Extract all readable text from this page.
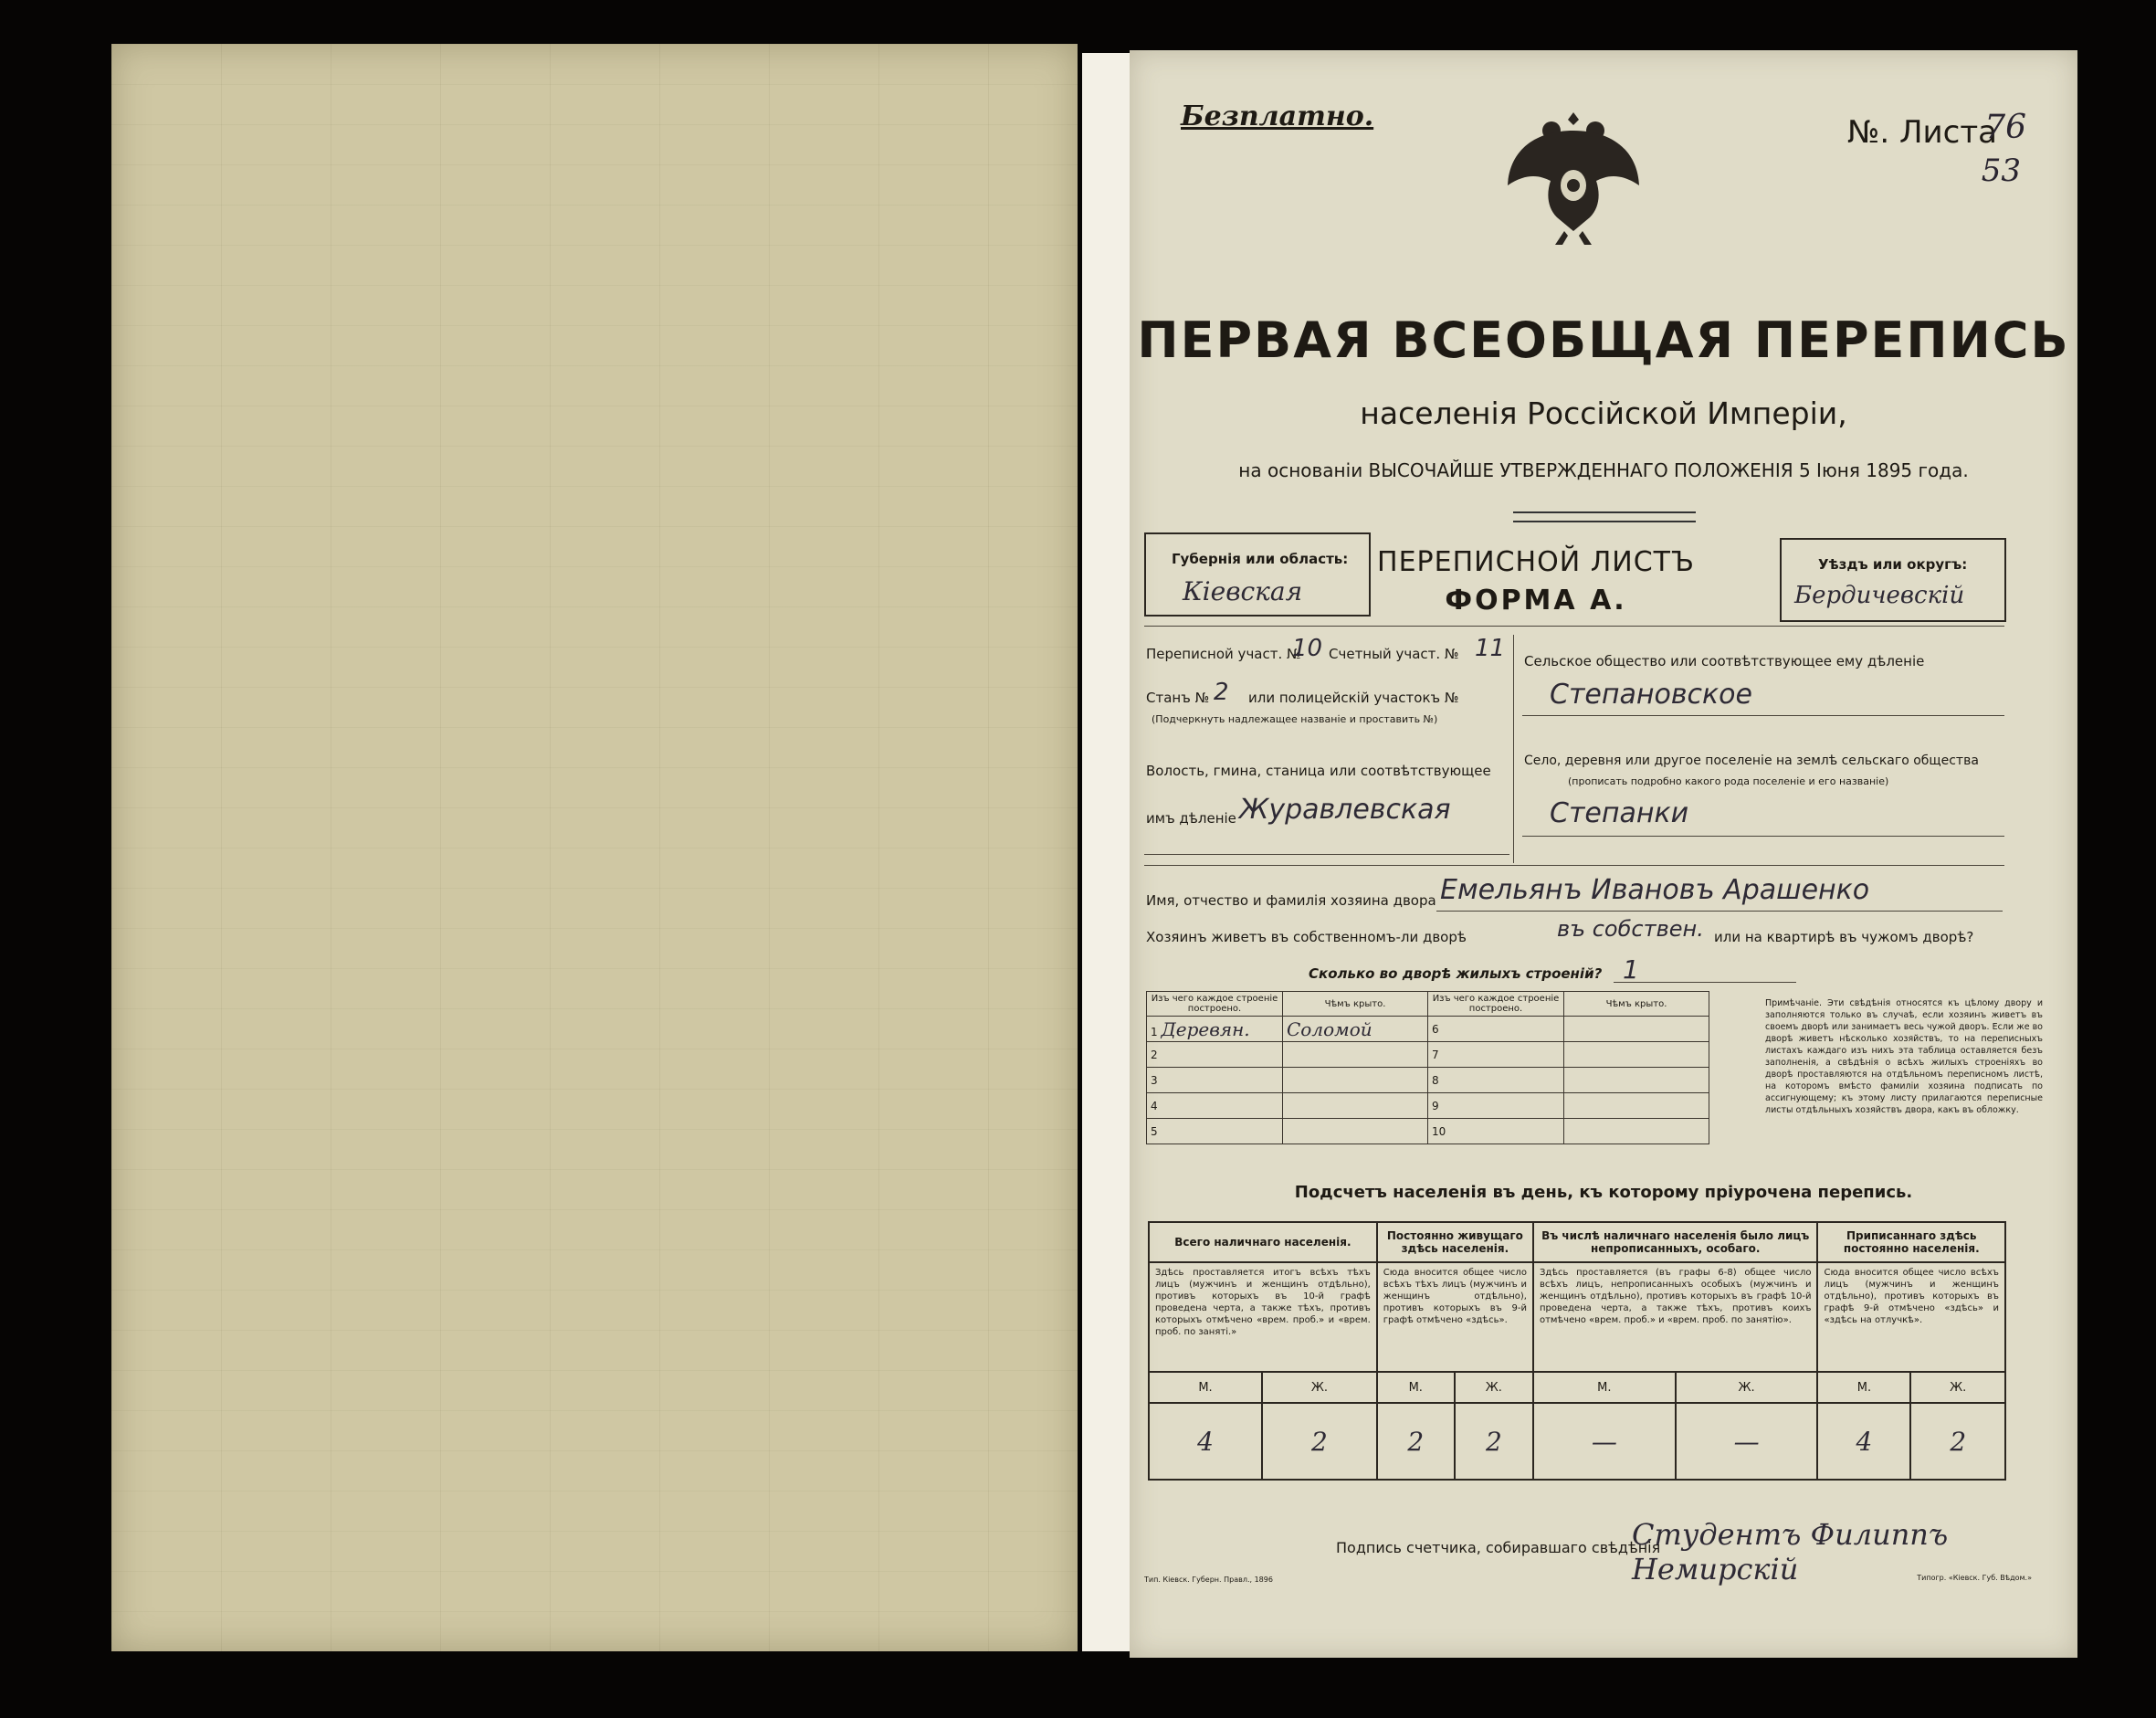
Безплатно.	№. Листа
76
53
ПЕРВАЯ ВСЕОБЩАЯ ПЕРЕПИСЬ
населенія Россійской Имперіи,
на основаніи ВЫСОЧАЙШЕ УТВЕРЖДЕННАГО ПОЛОЖЕНІЯ 5 Іюня 1895 года.
Губернія или область:
Кіевская
ПЕРЕПИСНОЙ ЛИСТЪ
ФОРМА А.
Уѣздъ или округъ:
Бердичевскій
Переписной участ. №
10 Счетный участ. № 11
Станъ № 2 или полицейскій участокъ №
(Подчеркнуть надлежащее названіе и проставить №)
Волость, гмина, станица или соотвѣтствующее
имъ дѣленіе Журавлевская
Сельское общество или соотвѣтствующее ему дѣленіе
Степановское
Село, деревня или другое поселеніе на землѣ сельскаго общества
(прописать подробно какого рода поселеніе и его названіе)
Степанки
Имя, отчество и фамилія хозяина двора Емельянъ Ивановъ Арашенко
Хозяинъ живетъ въ собственномъ-ли дворѣ	въ собствен. или на квартирѣ въ чужомъ дворѣ?
Сколько во дворѣ жилыхъ строеній? 1
Изъ чего каждое строеніе построено.	Чѣмъ крыто.	Изъ чего каждое строеніе построено.	Чѣмъ крыто.
1 Деревян.	Соломой	6	
2		7	
3		8	
4		9	
5		10	
Примѣчаніе. Эти свѣдѣнія относятся къ цѣлому двору и заполняются только въ случаѣ, если хозяинъ живетъ въ своемъ дворѣ или занимаетъ весь чужой дворъ. Если же во дворѣ живетъ нѣсколько хозяйствъ, то на переписныхъ листахъ каждаго изъ нихъ эта таблица оставляется безъ заполненія, а свѣдѣнія о всѣхъ жилыхъ строеніяхъ во дворѣ проставляются на отдѣльномъ переписномъ листѣ, на которомъ вмѣсто фамиліи хозяина подписать по ассигнующему; къ этому листу прилагаются переписные листы отдѣльныхъ хозяйствъ двора, какъ въ обложку.
Подсчетъ населенія въ день, къ которому пріурочена перепись.
Всего наличнаго населенія.		Постоянно живущаго здѣсь населенія.		Въ числѣ наличнаго населенія было лицъ непрописанныхъ, особаго.		Приписаннаго здѣсь постоянно населенія.	
Здѣсь проставляется итогъ всѣхъ тѣхъ лицъ (мужчинъ и женщинъ отдѣльно), противъ которыхъ въ 10-й графѣ проведена черта, а также тѣхъ, противъ которыхъ отмѣчено «врем. проб.» и «врем. проб. по заняті.»		Сюда вносится общее число всѣхъ тѣхъ лицъ (мужчинъ и женщинъ отдѣльно), противъ которыхъ въ 9-й графѣ отмѣчено «здѣсь».		Здѣсь проставляется (въ графы 6-8) общее число всѣхъ лицъ, непрописанныхъ особыхъ (мужчинъ и женщинъ отдѣльно), противъ которыхъ въ графѣ 10-й проведена черта, а также тѣхъ, противъ коихъ отмѣчено «врем. проб.» и «врем. проб. по занятію».		Сюда вносится общее число всѣхъ лицъ (мужчинъ и женщинъ отдѣльно), противъ которыхъ въ графѣ 9-й отмѣчено «здѣсь» и «здѣсь на отлучкѣ».	
М.	Ж.	М.	Ж.	М.	Ж.	М.	Ж.
4	2	2	2	—	—	4	2
Подпись счетчика, собиравшаго свѣдѣнія
Студентъ Филиппъ Немирскій
Тип. Кіевск. Губерн. Правл., 1896	Типогр. «Кіевск. Губ. Вѣдом.»
